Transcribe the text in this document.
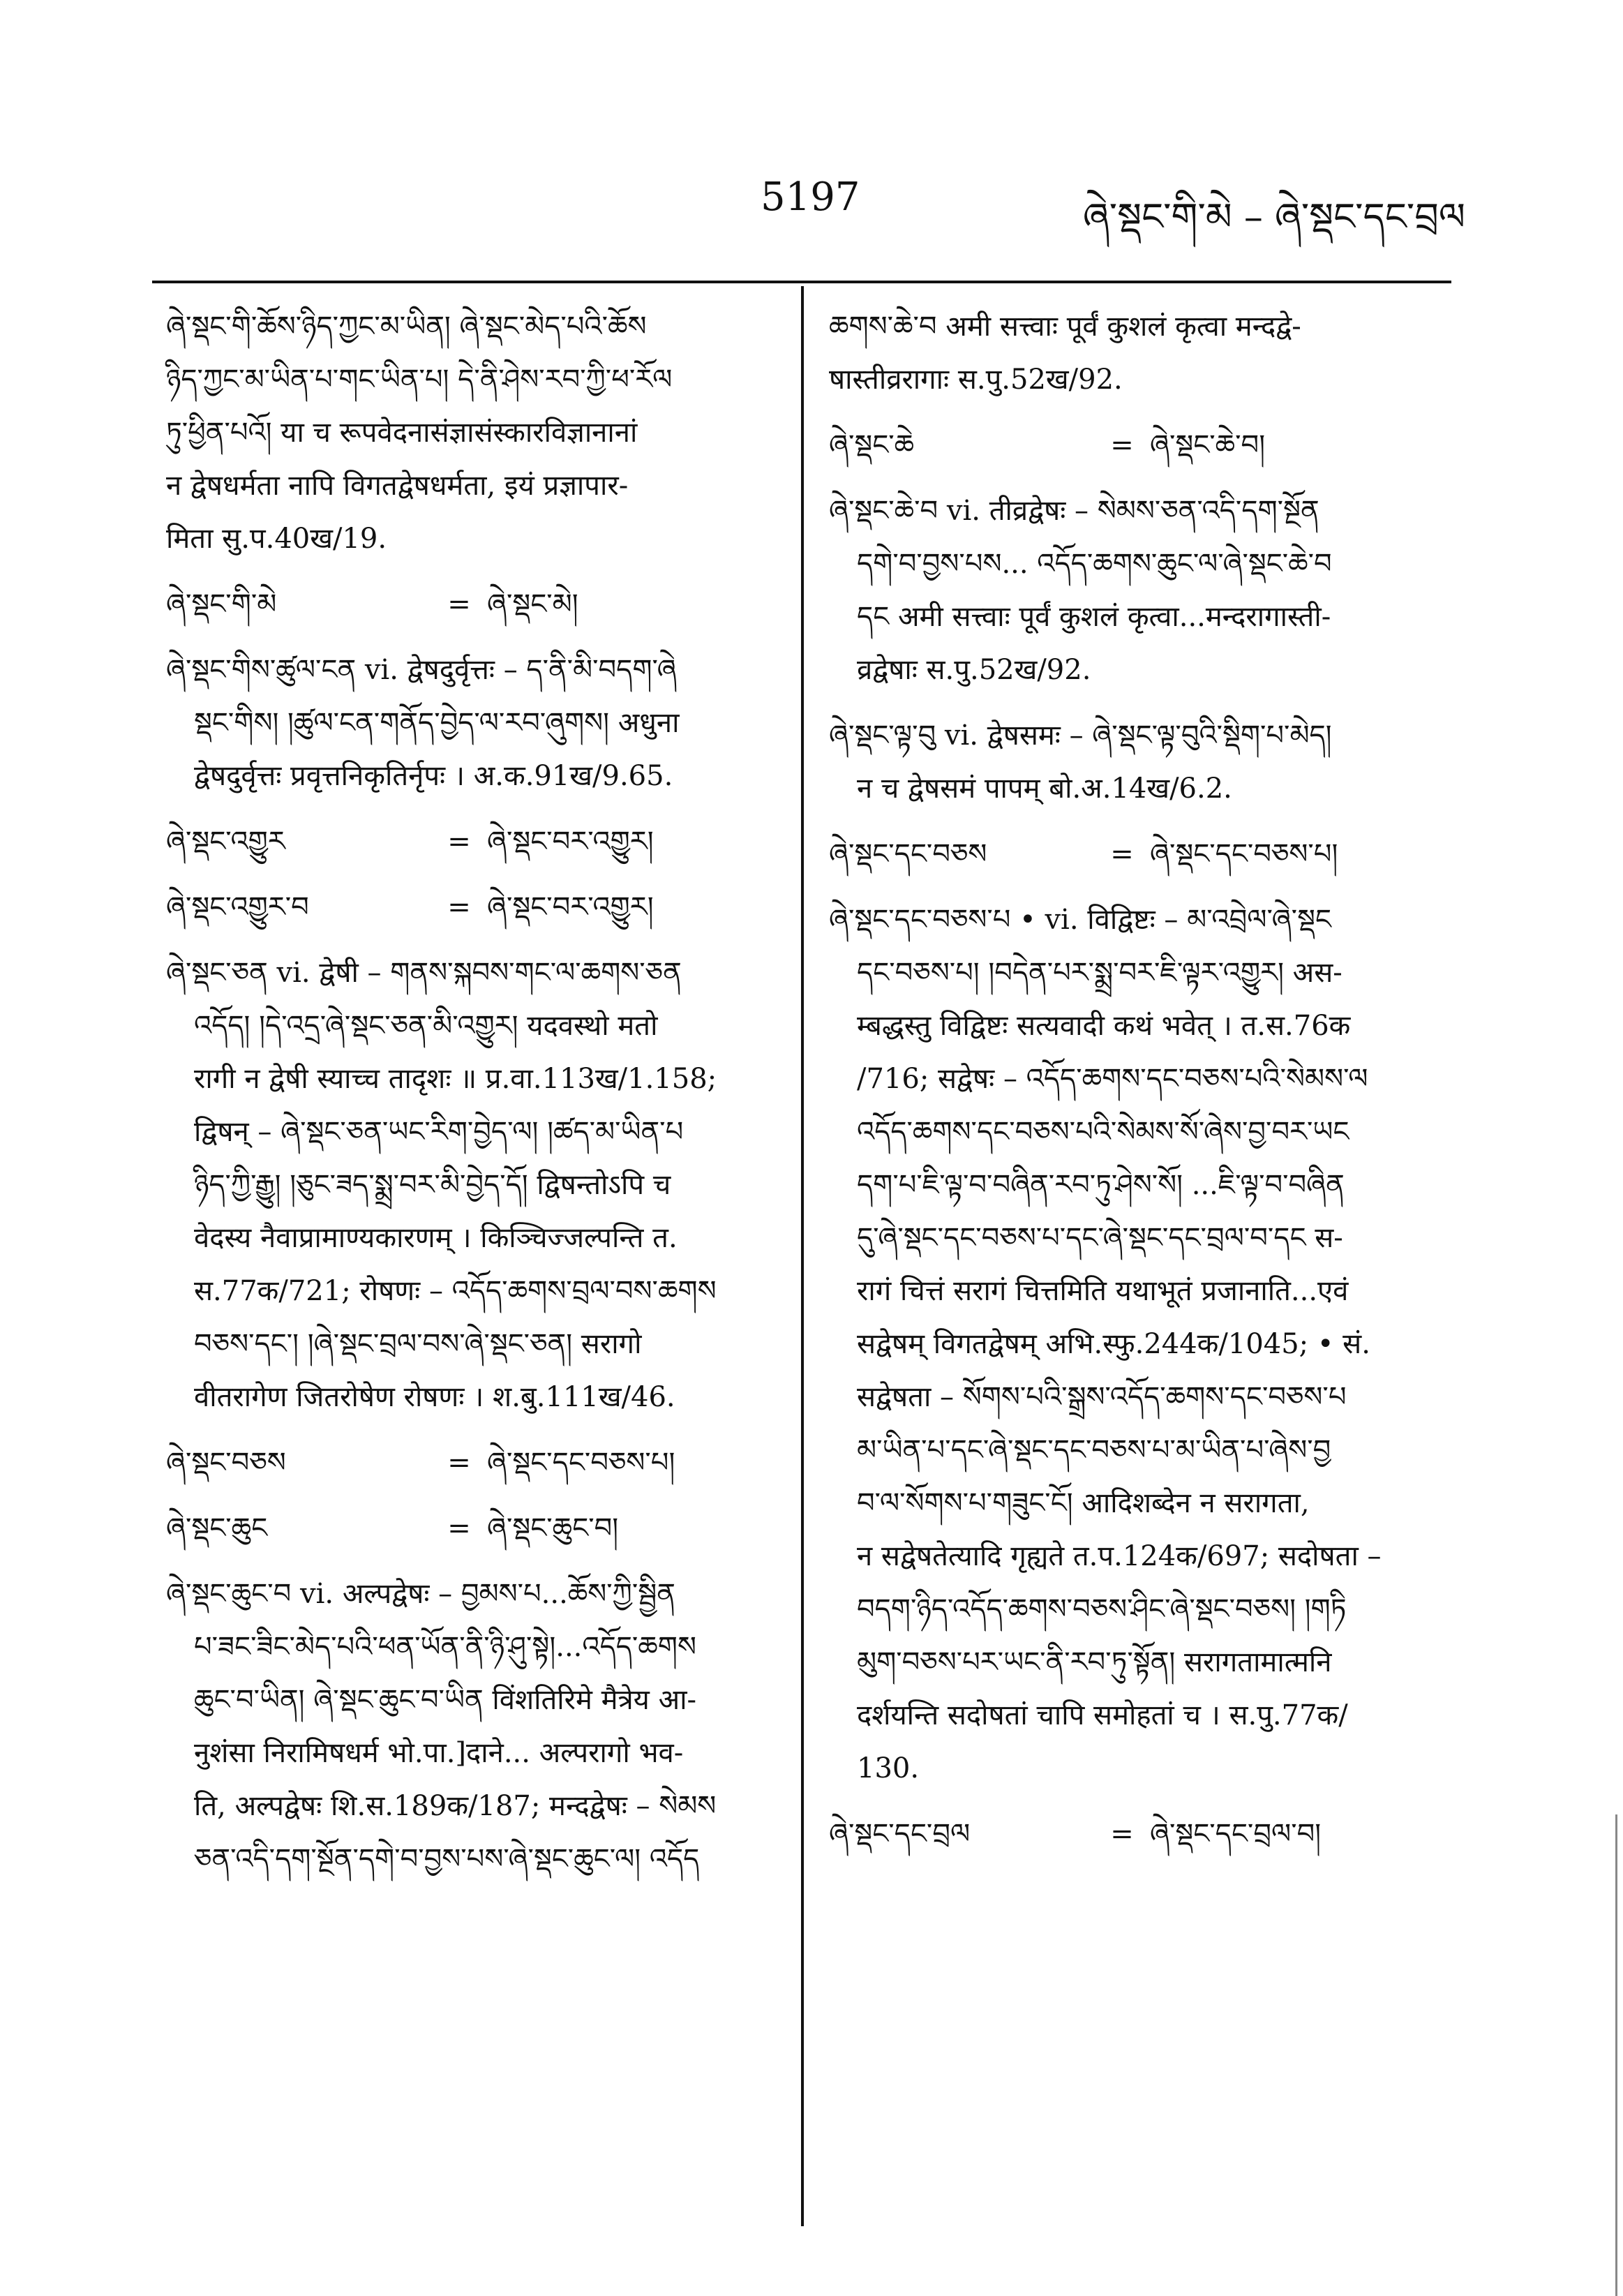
5197	ཞེ་སྡང་གི་མེ – ཞེ་སྡང་དང་བྲལ

ཞེ་སྡང་གི་ཆོས་ཉིད་ཀྱང་མ་ཡིན། ཞེ་སྡང་མེད་པའི་ཆོས

ཉིད་ཀྱང་མ་ཡིན་པ་གང་ཡིན་པ། དེ་ནི་ཤེས་རབ་ཀྱི་ཕ་རོལ

ཏུ་ཕྱིན་པའོ། या च रूपवेदनासंज्ञासंस्कारविज्ञानानां

न द्वेषधर्मता नापि विगतद्वेषधर्मता, इयं प्रज्ञापार-

मिता सु.प.40ख/19.

ཞེ་སྡང་གི་མེ	= ཞེ་སྡང་མེ།

ཞེ་སྡང་གིས་ཚུལ་ངན vi. द्वेषदुर्वृत्तः – ད་ནི་མི་བདག་ཞེ

སྡང་གིས། །ཚུལ་ངན་གནོད་བྱེད་ལ་རབ་ཞུགས། अधुना

द्वेषदुर्वृत्तः प्रवृत्तनिकृतिर्नृपः । अ.क.91ख/9.65.

ཞེ་སྡང་འགྱུར	= ཞེ་སྡང་བར་འགྱུར།
ཞེ་སྡང་འགྱུར་བ	= ཞེ་སྡང་བར་འགྱུར།

ཞེ་སྡང་ཅན vi. द्वेषी – གནས་སྐབས་གང་ལ་ཆགས་ཅན

འདོད། །དེ་འདྲ་ཞེ་སྡང་ཅན་མི་འགྱུར། यदवस्थो मतो

रागी न द्वेषी स्याच्च तादृशः ॥ प्र.वा.113ख/1.158;

द्विषन् – ཞེ་སྡང་ཅན་ཡང་རིག་བྱེད་ལ། །ཚད་མ་ཡིན་པ

ཉིད་ཀྱི་རྒྱུ། །ཅུང་ཟད་སྨྲ་བར་མི་བྱེད་དོ། द्विषन्तोऽपि च

वेदस्य नैवाप्रामाण्यकारणम् । किञ्चिज्जल्पन्ति त.

स.77क/721; रोषणः – འདོད་ཆགས་བྲལ་བས་ཆགས

བཅས་དང་། །ཞེ་སྡང་བྲལ་བས་ཞེ་སྡང་ཅན། सरागो

वीतरागेण जितरोषेण रोषणः । श.बु.111ख/46.

ཞེ་སྡང་བཅས	= ཞེ་སྡང་དང་བཅས་པ།
ཞེ་སྡང་ཆུང	= ཞེ་སྡང་ཆུང་བ།

ཞེ་སྡང་ཆུང་བ vi. अल्पद्वेषः – བྱམས་པ...ཆོས་ཀྱི་སྦྱིན

པ་ཟང་ཟིང་མེད་པའི་ཕན་ཡོན་ནི་ཉི་ཤུ་སྟེ།...འདོད་ཆགས

ཆུང་བ་ཡིན། ཞེ་སྡང་ཆུང་བ་ཡིན विंशतिरिमे मैत्रेय आ-

नुशंसा निरामिषधर्म भो.पा.]दाने... अल्परागो भव-

ति, अल्पद्वेषः शि.स.189क/187; मन्दद्वेषः – སེམས

ཅན་འདི་དག་སྔོན་དགེ་བ་བྱས་པས་ཞེ་སྡང་ཆུང་ལ། འདོད

ཆགས་ཆེ་བ अमी सत्त्वाः पूर्वं कुशलं कृत्वा मन्दद्वे-

षास्तीव्ररागाः स.पु.52ख/92.

ཞེ་སྡང་ཆེ	= ཞེ་སྡང་ཆེ་བ།

ཞེ་སྡང་ཆེ་བ vi. तीव्रद्वेषः – སེམས་ཅན་འདི་དག་སྔོན

དགེ་བ་བྱས་པས... འདོད་ཆགས་ཆུང་ལ་ཞེ་སྡང་ཆེ་བ

དང अमी सत्त्वाः पूर्वं कुशलं कृत्वा...मन्दरागास्ती-

व्रद्वेषाः स.पु.52ख/92.

ཞེ་སྡང་ལྟ་བུ vi. द्वेषसमः – ཞེ་སྡང་ལྟ་བུའི་སྡིག་པ་མེད།

न च द्वेषसमं पापम् बो.अ.14ख/6.2.

ཞེ་སྡང་དང་བཅས	= ཞེ་སྡང་དང་བཅས་པ།

ཞེ་སྡང་དང་བཅས་པ • vi. विद्विष्टः – མ་འབྲེལ་ཞེ་སྡང

དང་བཅས་པ། །བདེན་པར་སྨྲ་བར་ཇི་ལྟར་འགྱུར། अस-

म्बद्धस्तु विद्विष्टः सत्यवादी कथं भवेत् । त.स.76क

/716; सद्वेषः – འདོད་ཆགས་དང་བཅས་པའི་སེམས་ལ

འདོད་ཆགས་དང་བཅས་པའི་སེམས་སོ་ཞེས་བྱ་བར་ཡང

དག་པ་ཇི་ལྟ་བ་བཞིན་རབ་ཏུ་ཤེས་སོ། ...ཇི་ལྟ་བ་བཞིན

དུ་ཞེ་སྡང་དང་བཅས་པ་དང་ཞེ་སྡང་དང་བྲལ་བ་དང स-

रागं चित्तं सरागं चित्तमिति यथाभूतं प्रजानाति...एवं

सद्वेषम् विगतद्वेषम् अभि.स्फु.244क/1045; • सं.

सद्वेषता – སོགས་པའི་སྒྲས་འདོད་ཆགས་དང་བཅས་པ

མ་ཡིན་པ་དང་ཞེ་སྡང་དང་བཅས་པ་མ་ཡིན་པ་ཞེས་བྱ

བ་ལ་སོགས་པ་གཟུང་ངོ། आदिशब्देन न सरागता,

न सद्वेषतेत्यादि गृह्यते त.प.124क/697; सदोषता –

བདག་ཉིད་འདོད་ཆགས་བཅས་ཤིང་ཞེ་སྡང་བཅས། །གཏི

མུག་བཅས་པར་ཡང་ནི་རབ་ཏུ་སྟོན། सरागतामात्मनि

दर्शयन्ति सदोषतां चापि समोहतां च । स.पु.77क/

130.

ཞེ་སྡང་དང་བྲལ	= ཞེ་སྡང་དང་བྲལ་བ།
